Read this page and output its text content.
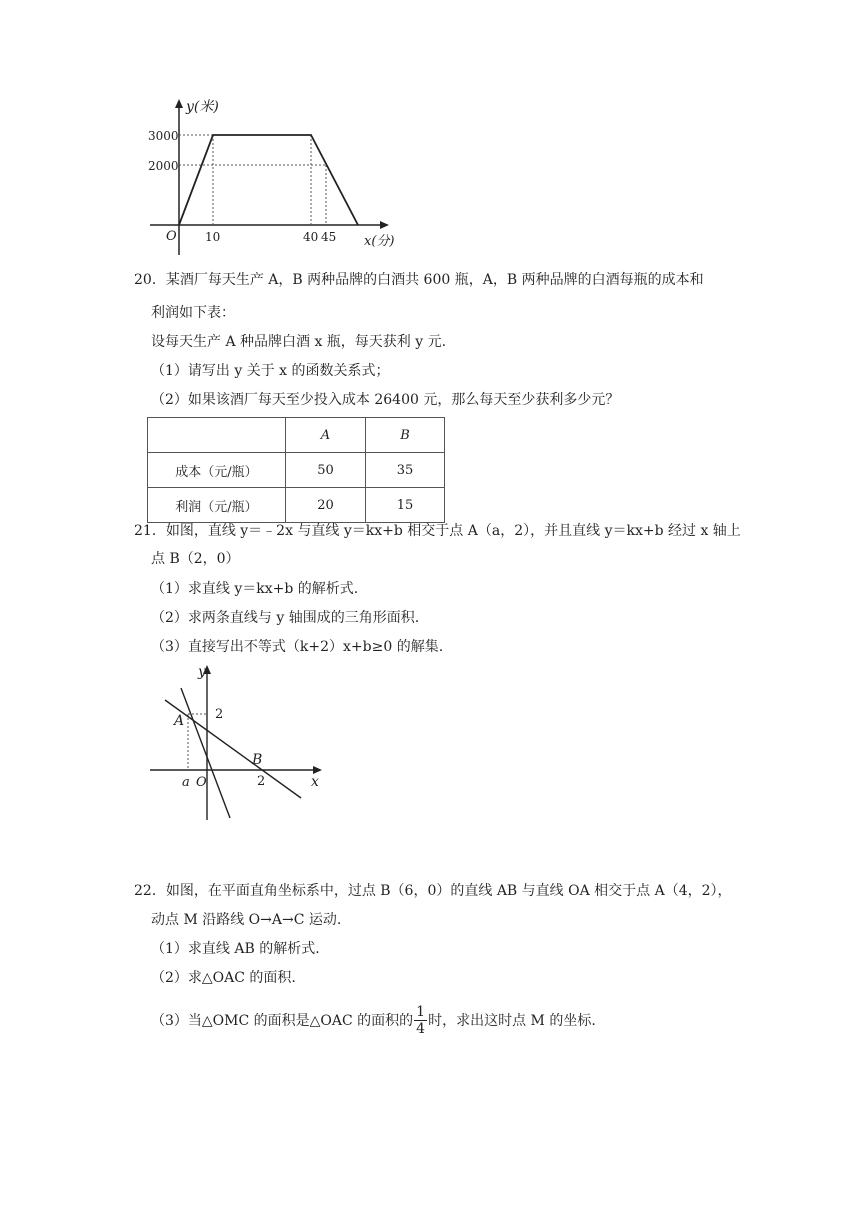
y(米)
3000
2000
O 10	40 45 x(分)
20．某酒厂每天生产 A，B 两种品牌的白酒共 600 瓶，A，B 两种品牌的白酒每瓶的成本和
利润如下表：
设每天生产 A 种品牌白酒 x 瓶，每天获利 y 元.
（1）请写出 y 关于 x 的函数关系式；
（2）如果该酒厂每天至少投入成本 26400 元，那么每天至少获利多少元？
	A	B
成本（元/瓶）	50	35
利润（元/瓶）	20	15
21．如图，直线 y＝﹣2x 与直线 y＝kx+b 相交于点 A（a，2），并且直线 y＝kx+b 经过 x 轴上
点 B（2，0）
（1）求直线 y＝kx+b 的解析式.
（2）求两条直线与 y 轴围成的三角形面积.
（3）直接写出不等式（k+2）x+b≥0 的解集.
y
A 2
B
a O	2	x
22．如图，在平面直角坐标系中，过点 B（6，0）的直线 AB 与直线 OA 相交于点 A（4，2），
动点 M 沿路线 O→A→C 运动.
（1）求直线 AB 的解析式.
（2）求△OAC 的面积.
（3）当△OMC 的面积是△OAC 的面积的 $\frac{1}{4}$ 时，求出这时点 M 的坐标.
